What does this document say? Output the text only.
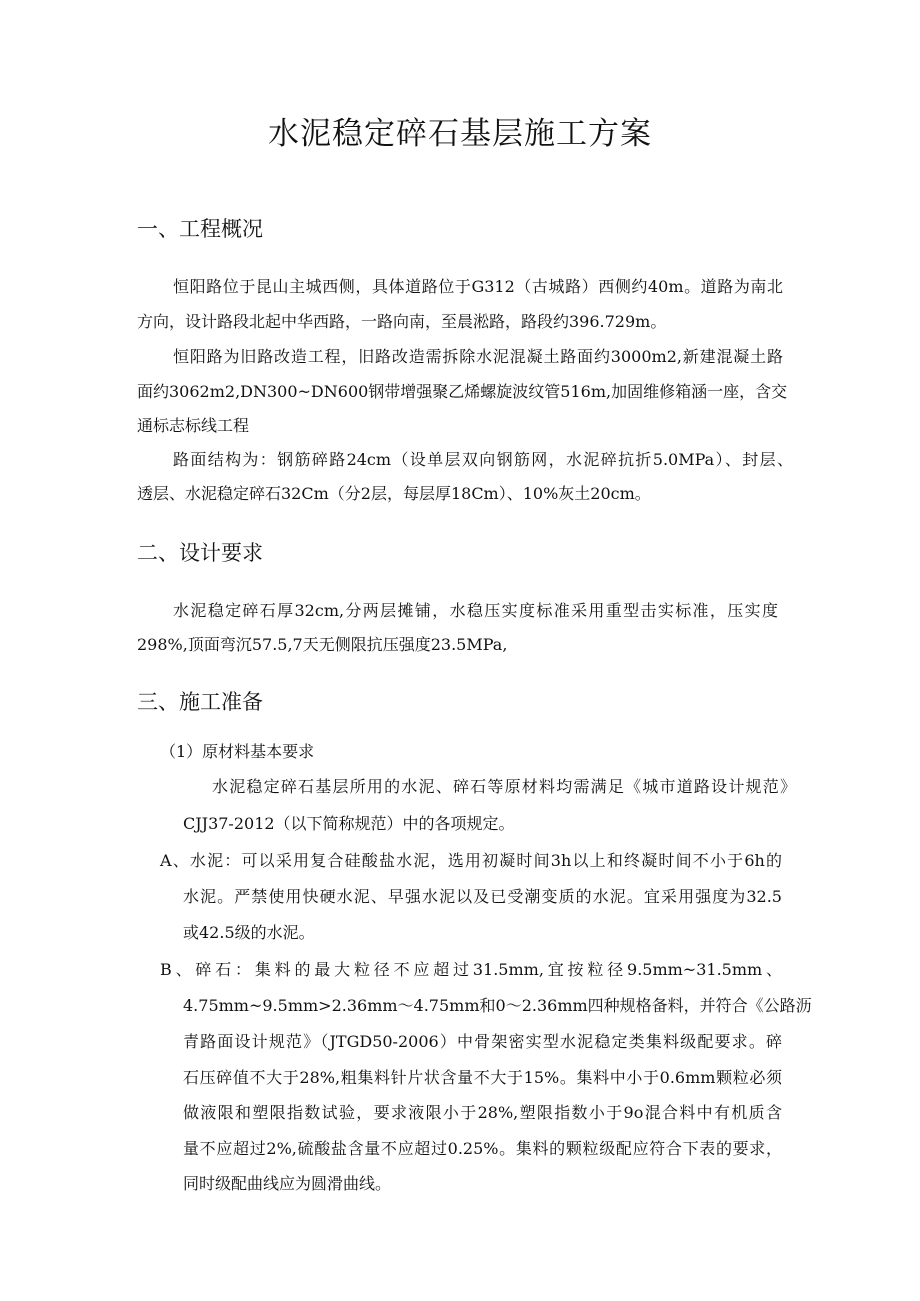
水泥稳定碎石基层施工方案
一、工程概况
恒阳路位于昆山主城西侧，具体道路位于G312（古城路）西侧约40m。道路为南北
方向，设计路段北起中华西路，一路向南，至晨淞路，路段约396.729m。
恒阳路为旧路改造工程，旧路改造需拆除水泥混凝土路面约3000m2,新建混凝土路
面约3062m2,DN300~DN600钢带增强聚乙烯螺旋波纹管516m,加固维修箱涵一座，含交
通标志标线工程
路面结构为：钢筋碎路24cm（设单层双向钢筋网，水泥碎抗折5.0MPa）、封层、
透层、水泥稳定碎石32Cm（分2层，每层厚18Cm）、10%灰土20cm。
二、设计要求
水泥稳定碎石厚32cm,分两层摊铺，水稳压实度标准采用重型击实标准，压实度
298%,顶面弯沉57.5,7天无侧限抗压强度23.5MPa,
三、施工准备
（1）原材料基本要求
水泥稳定碎石基层所用的水泥、碎石等原材料均需满足《城市道路设计规范》
CJJ37-2012（以下简称规范）中的各项规定。
A、水泥：可以采用复合硅酸盐水泥，选用初凝时间3h以上和终凝时间不小于6h的
水泥。严禁使用快硬水泥、早强水泥以及已受潮变质的水泥。宜采用强度为32.5
或42.5级的水泥。
B、碎石：集料的最大粒径不应超过31.5mm,宜按粒径9.5mm~31.5mm、
4.75mm~9.5mm>2.36mm～4.75mm和0～2.36mm四种规格备料，并符合《公路沥
青路面设计规范》（JTGD50-2006）中骨架密实型水泥稳定类集料级配要求。碎
石压碎值不大于28%,粗集料针片状含量不大于15%。集料中小于0.6mm颗粒必须
做液限和塑限指数试验，要求液限小于28%,塑限指数小于9o混合料中有机质含
量不应超过2%,硫酸盐含量不应超过0.25%。集料的颗粒级配应符合下表的要求，
同时级配曲线应为圆滑曲线。
